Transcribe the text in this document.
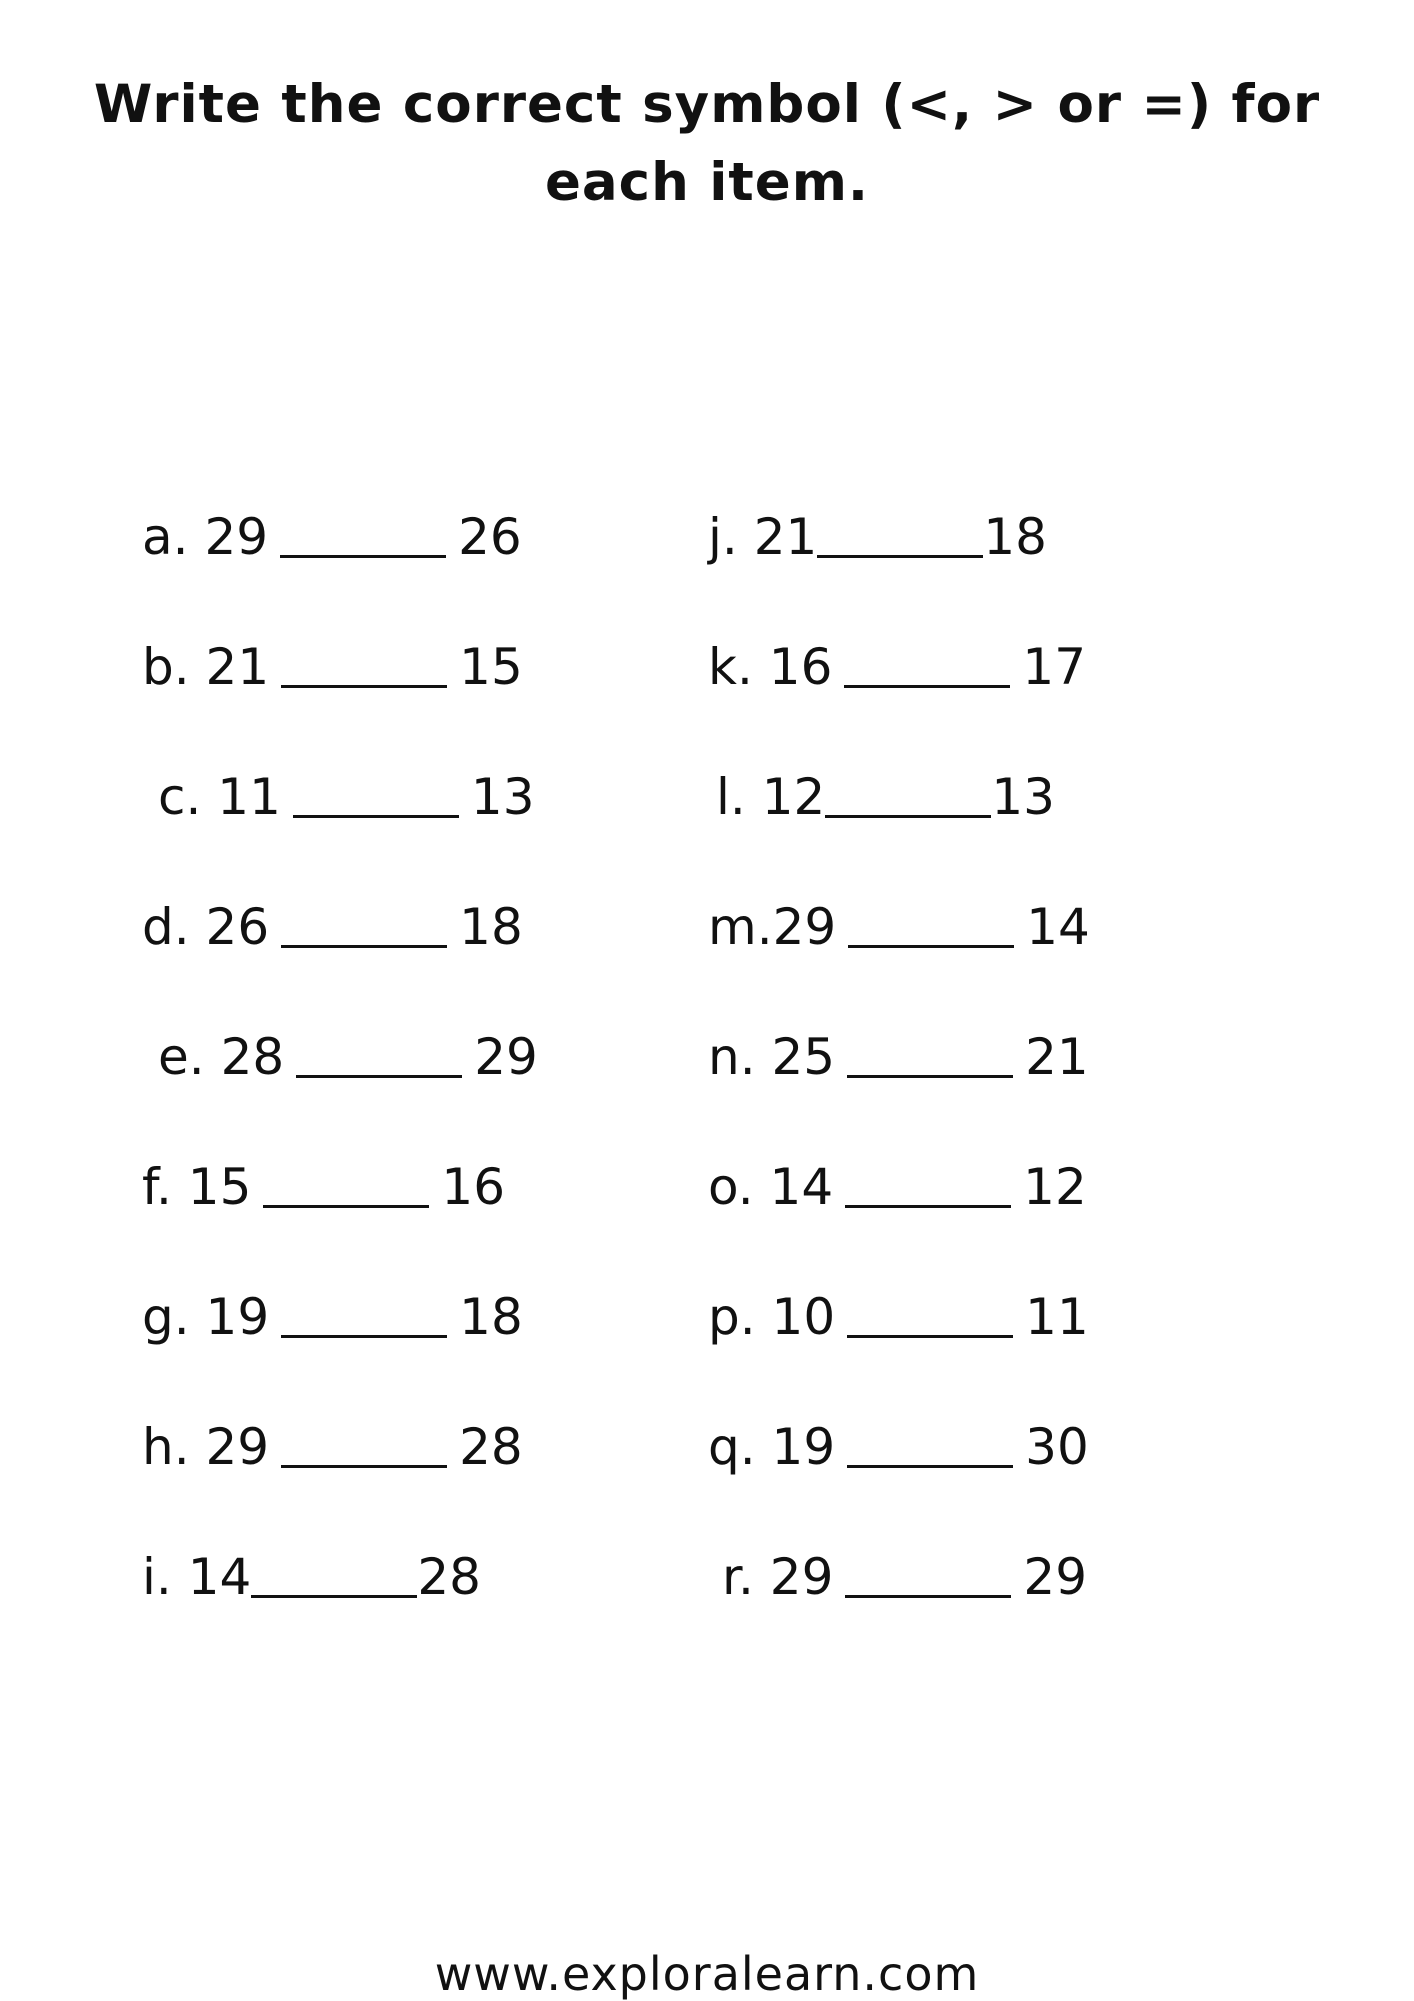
Write the correct symbol (<, > or =) for each item.
a.
29	26
b.
21	15
c.
11	13
d.
26	18
e.
28	29
f.
15	16
g.
19	18
h.
29	28
i.
14	28
j.
21	18
k.
16	17
l.
12	13
m. 29	14
n.
25	21
o.
14	12
p.
10	11
q.
19	30
r.
29	29
www.exploralearn.com
